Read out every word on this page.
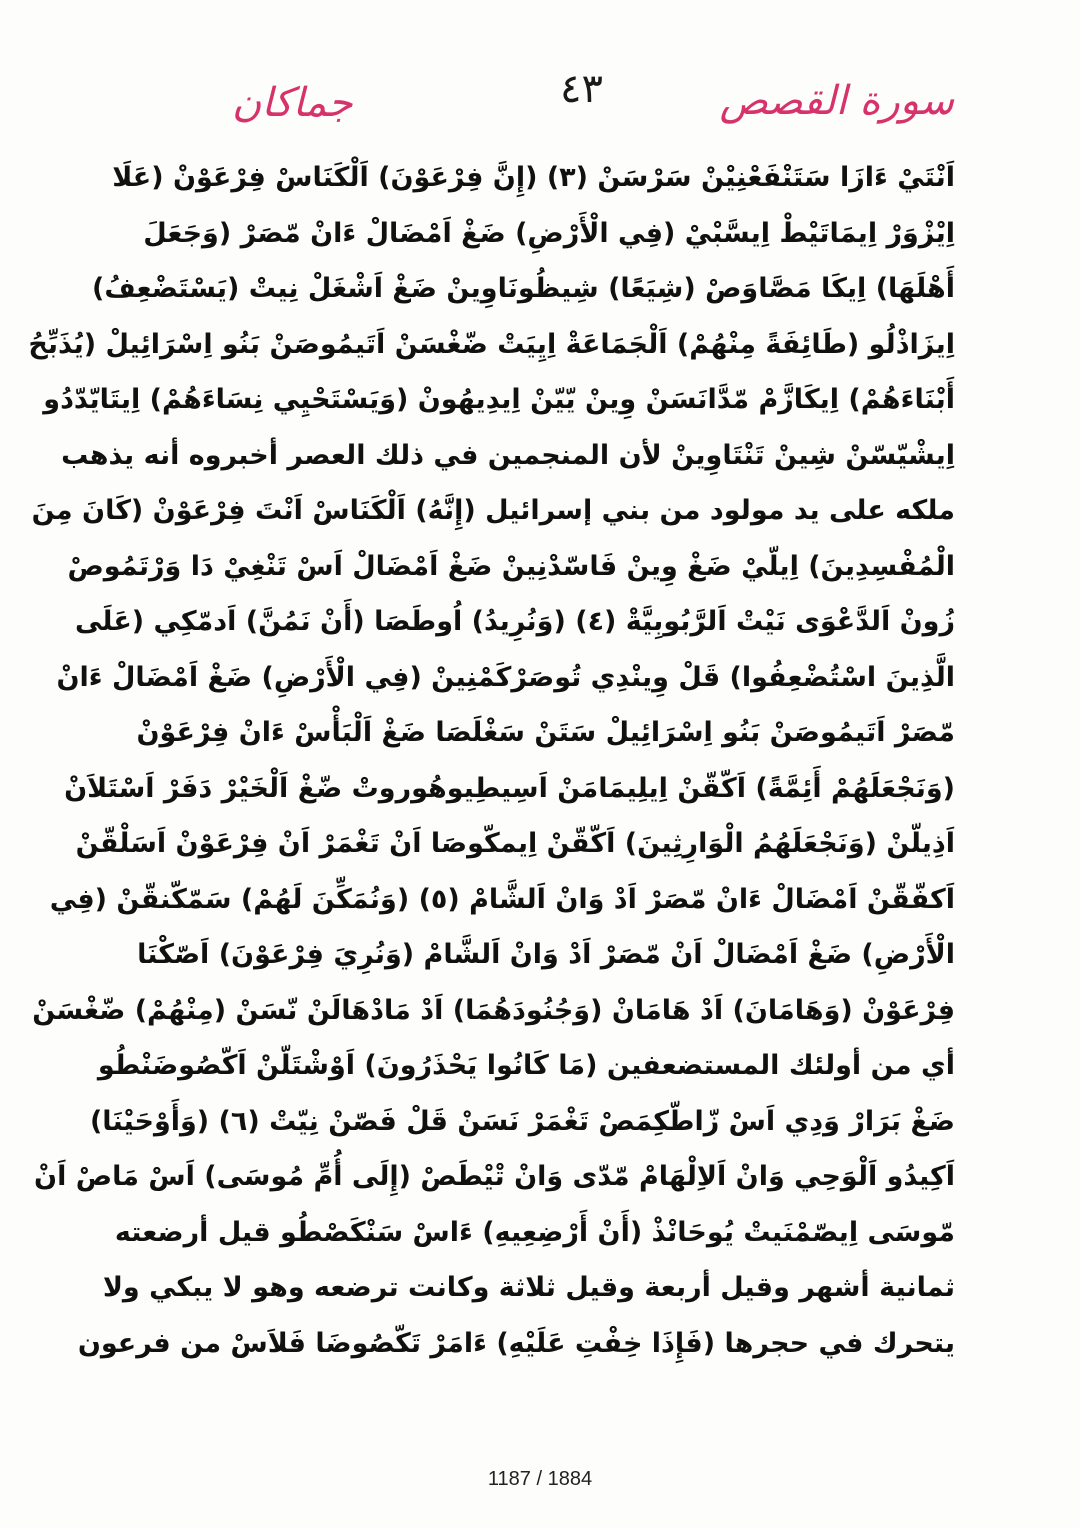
جماكان	٤٣	سورة القصص
اَنْتَيْ ءَازَا سَتَنْفَعْنِيْنْ سَرْسَنْ (٣) (إِنَّ فِرْعَوْنَ) اَلْكَنَاسْ فِرْعَوْنْ (عَلَا
اِيْزْوَرْ اِيمَاتَيْطْ اِيسَّبْيْ (فِي الْأَرْضِ) ضَغْ اَمْضَالْ ءَانْ مّصَرْ (وَجَعَلَ
أَهْلَهَا) اِيكَا مَصَّاوَصْ (شِيَعًا) شِيظُونَاوِينْ ضَغْ اَشْغَلْ نِيتْ (يَسْتَضْعِفُ)
اِيزَاذْلُو (طَائِفَةً مِنْهُمْ) اَلْجَمَاعَةْ اِيِيَتْ ضّغْسَنْ اَتَيمُوصَنْ بَنُو اِسْرَائِيلْ (يُذَبِّحُ
أَبْنَاءَهُمْ) اِيكَازَّمْ مّدَّانَسَنْ وِينْ يّيّنْ اِيدِيهُونْ (وَيَسْتَحْيِي نِسَاءَهُمْ) اِيتَايّدّدُو
اِيشْيّسّنْ شِينْ تَنْتَاوِينْ لأن المنجمين في ذلك العصر أخبروه أنه يذهب
ملكه على يد مولود من بني إسرائيل (إِنَّهُ) اَلْكَنَاسْ اَنْتَ فِرْعَوْنْ (كَانَ مِنَ
الْمُفْسِدِينَ) اِيلّيْ ضَغْ وِينْ فَاسّدْنِينْ ضَغْ اَمْضَالْ اَسْ تَنْغِيْ دَا وَرْتَمُوصْ
زُونْ اَلدَّعْوَى نَيْتْ اَلرَّبُوبِيَّةْ (٤) (وَنُرِيدُ) اُوطَصَا (أَنْ نَمُنَّ) اَدمّكِي (عَلَى
الَّذِينَ اسْتُضْعِفُوا) قَلْ وِينْدِي تُوصَرْكَمْنِينْ (فِي الْأَرْضِ) ضَغْ اَمْضَالْ ءَانْ
مّصَرْ اَتَيمُوصَنْ بَنُو اِسْرَائِيلْ سَتَنْ سَغْلَصَا ضَغْ اَلْبَأْسْ ءَانْ فِرْعَوْنْ
(وَنَجْعَلَهُمْ أَئِمَّةً) اَكّقّنْ اِيلِيمَامَنْ اَسِيطِيوهُوروتْ ضّغْ اَلْخَيْرْ دَفَرْ اَسْتَلاَنْ
اَذِيلّنْ (وَنَجْعَلَهُمُ الْوَارِثِينَ) اَكّقّنْ اِيمكّوصَا اَنْ تَغْمَرْ اَنْ فِرْعَوْنْ اَسَلْقّنْ
اَكفّقّنْ اَمْضَالْ ءَانْ مّصَرْ اَدْ وَانْ اَلشَّامْ (٥) (وَنُمَكِّنَ لَهُمْ) سَمّكّنقّنْ (فِي
الْأَرْضِ) ضَغْ اَمْضَالْ اَنْ مّصَرْ اَدْ وَانْ اَلشَّامْ (وَنُرِيَ فِرْعَوْنَ) اَصّكْنَا
فِرْعَوْنْ (وَهَامَانَ) اَدْ هَامَانْ (وَجُنُودَهُمَا) اَدْ مَادْهَالَنْ نّسَنْ (مِنْهُمْ) ضّغْسَنْ
أي من أولئك المستضعفين (مَا كَانُوا يَحْذَرُونَ) اَوْشْتَلّنْ اَكّصُوضَنْطُو
ضَغْ بَرَارْ وَدِي اَسْ زّاطّكِمَصْ تَغْمَرْ نَسَنْ قَلْ فَصّنْ نِيّتْ (٦) (وَأَوْحَيْنَا)
اَكِيدُو اَلْوَحِي وَانْ اَلاِلْهَامْ مّدّى وَانْ تْيْطَصْ (إِلَى أُمِّ مُوسَى) اَسْ مَاصْ اَنْ
مّوسَى اِيصّمْنَيتْ يُوحَانْذْ (أَنْ أَرْضِعِيهِ) ءَاسْ سَنْكَصْطُو قيل أرضعته
ثمانية أشهر وقيل أربعة وقيل ثلاثة وكانت ترضعه وهو لا يبكي ولا
يتحرك في حجرها (فَإِذَا خِفْتِ عَلَيْهِ) ءَامَرْ تَكّصُوضَا فَلاَسْ من فرعون
1187 / 1884
